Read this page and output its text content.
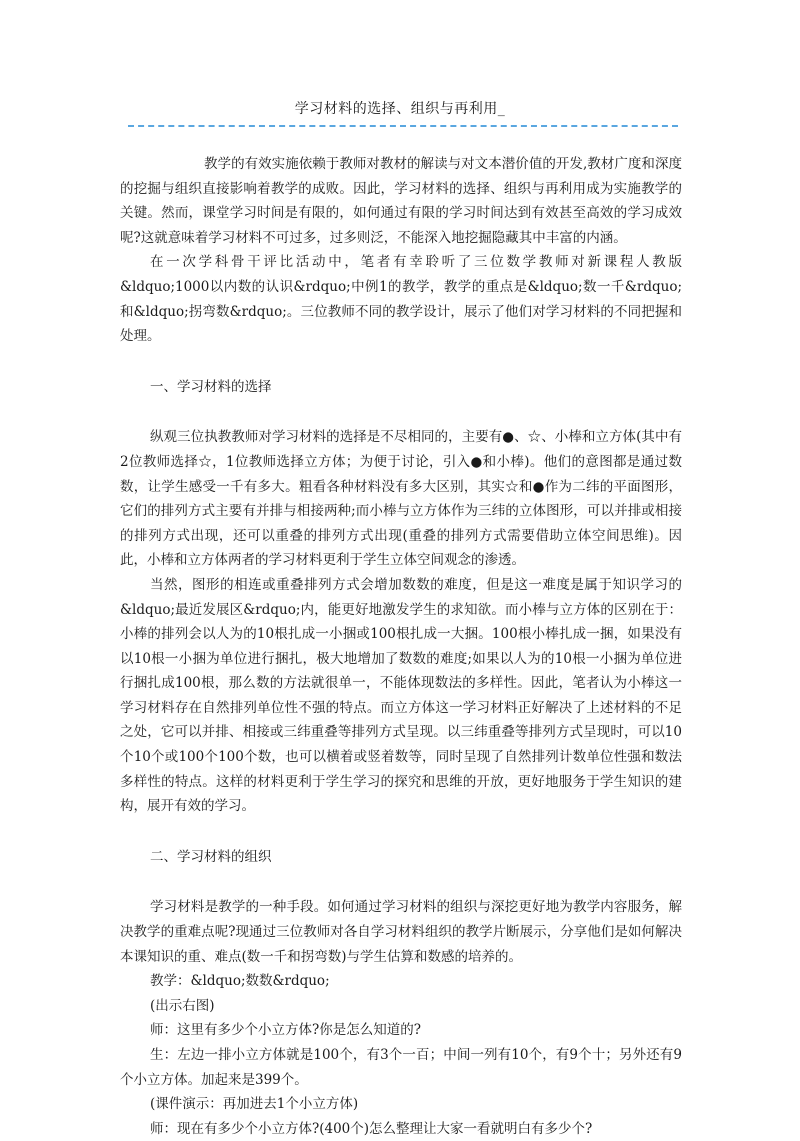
学习材料的选择、组织与再利用_

教学的有效实施依赖于教师对教材的解读与对文本潜价值的开发,教材广度和深度的挖掘与组织直接影响着教学的成败。因此，学习材料的选择、组织与再利用成为实施教学的关键。然而，课堂学习时间是有限的，如何通过有限的学习时间达到有效甚至高效的学习成效呢?这就意味着学习材料不可过多，过多则泛，不能深入地挖掘隐藏其中丰富的内涵。

在一次学科骨干评比活动中，笔者有幸聆听了三位数学教师对新课程人教版&ldquo;1000以内数的认识&rdquo;中例1的教学，教学的重点是&ldquo;数一千&rdquo;和&ldquo;拐弯数&rdquo;。三位教师不同的教学设计，展示了他们对学习材料的不同把握和处理。

一、学习材料的选择

纵观三位执教教师对学习材料的选择是不尽相同的，主要有●、☆、小棒和立方体(其中有2位教师选择☆，1位教师选择立方体；为便于讨论，引入●和小棒)。他们的意图都是通过数数，让学生感受一千有多大。粗看各种材料没有多大区别，其实☆和●作为二纬的平面图形，它们的排列方式主要有并排与相接两种;而小棒与立方体作为三纬的立体图形，可以并排或相接的排列方式出现，还可以重叠的排列方式出现(重叠的排列方式需要借助立体空间思维)。因此，小棒和立方体两者的学习材料更利于学生立体空间观念的渗透。

当然，图形的相连或重叠排列方式会增加数数的难度，但是这一难度是属于知识学习的&ldquo;最近发展区&rdquo;内，能更好地激发学生的求知欲。而小棒与立方体的区别在于：小棒的排列会以人为的10根扎成一小捆或100根扎成一大捆。100根小棒扎成一捆，如果没有以10根一小捆为单位进行捆扎，极大地增加了数数的难度;如果以人为的10根一小捆为单位进行捆扎成100根，那么数的方法就很单一，不能体现数法的多样性。因此，笔者认为小棒这一学习材料存在自然排列单位性不强的特点。而立方体这一学习材料正好解决了上述材料的不足之处，它可以并排、相接或三纬重叠等排列方式呈现。以三纬重叠等排列方式呈现时，可以10个10个或100个100个数，也可以横着或竖着数等，同时呈现了自然排列计数单位性强和数法多样性的特点。这样的材料更利于学生学习的探究和思维的开放，更好地服务于学生知识的建构，展开有效的学习。

二、学习材料的组织

学习材料是教学的一种手段。如何通过学习材料的组织与深挖更好地为教学内容服务，解决教学的重难点呢?现通过三位教师对各自学习材料组织的教学片断展示，分享他们是如何解决本课知识的重、难点(数一千和拐弯数)与学生估算和数感的培养的。

教学：&ldquo;数数&rdquo;

(出示右图)

师：这里有多少个小立方体?你是怎么知道的?

生：左边一排小立方体就是100个，有3个一百；中间一列有10个，有9个十；另外还有9个小立方体。加起来是399个。

(课件演示：再加进去1个小立方体)

师：现在有多少个小立方体?(400个)怎么整理让大家一看就明白有多少个?
